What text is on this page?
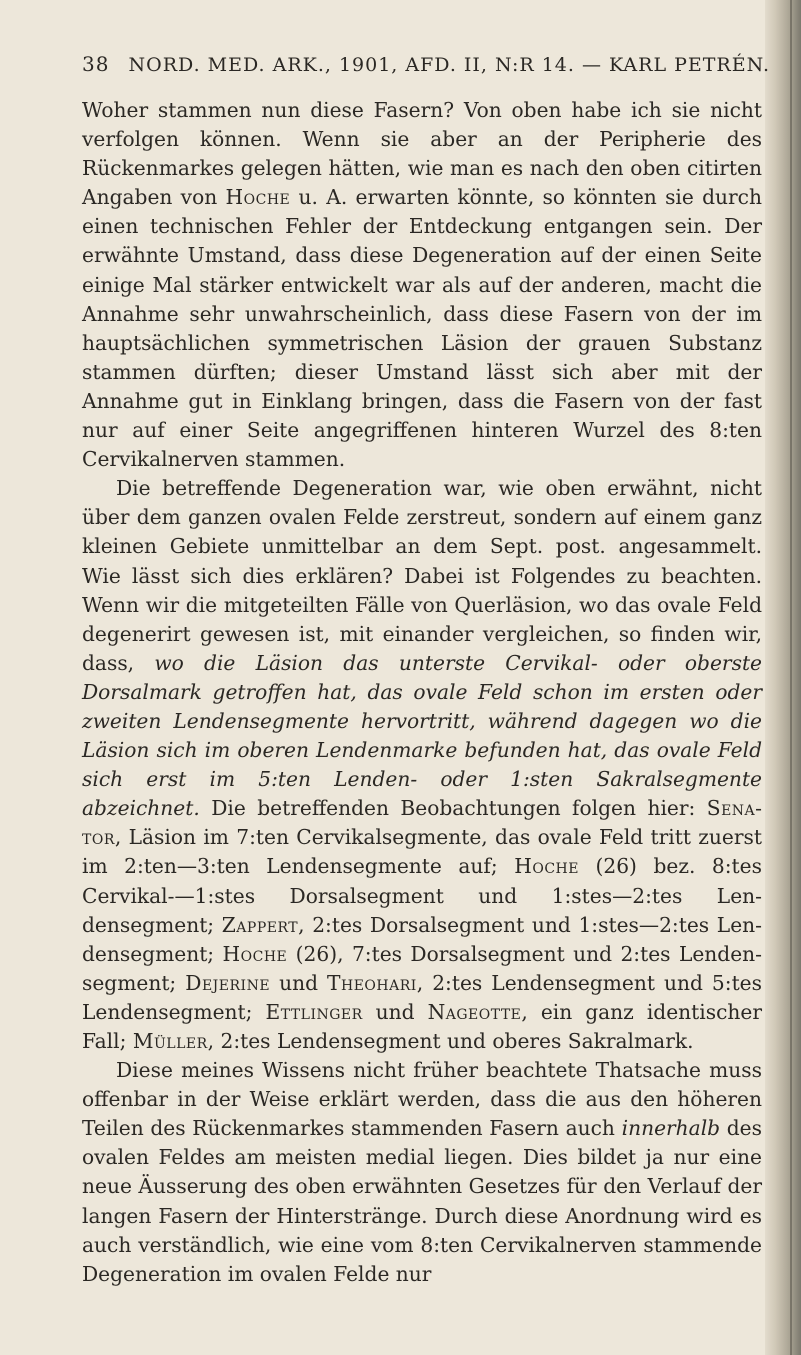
38 NORD. MED. ARK., 1901, AFD. II, N:R 14. — KARL PETRÉN.

Woher stammen nun diese Fasern? Von oben habe ich sie nicht verfolgen können. Wenn sie aber an der Peripherie des Rückenmarkes gelegen hätten, wie man es nach den oben citirten Angaben von Hoche u. A. erwarten könnte, so könnten sie durch einen technischen Fehler der Entdeckung entgangen sein. Der erwähnte Umstand, dass diese Degeneration auf der einen Seite einige Mal stärker entwickelt war als auf der anderen, macht die Annahme sehr unwahrscheinlich, dass diese Fasern von der im hauptsächlichen symmetrischen Läsion der grauen Substanz stammen dürften; dieser Umstand lässt sich aber mit der Annahme gut in Einklang bringen, dass die Fasern von der fast nur auf einer Seite angegriffenen hinteren Wurzel des 8:ten Cervikalnerven stammen.

Die betreffende Degeneration war, wie oben erwähnt, nicht über dem ganzen ovalen Felde zerstreut, sondern auf einem ganz kleinen Gebiete unmittelbar an dem Sept. post. angesammelt. Wie lässt sich dies erklären? Dabei ist Folgendes zu beachten. Wenn wir die mitgeteilten Fälle von Querläsion, wo das ovale Feld degenerirt gewesen ist, mit einander vergleichen, so finden wir, dass, wo die Läsion das unterste Cervikal- oder oberste Dorsalmark getroffen hat, das ovale Feld schon im ersten oder zweiten Lendensegmente hervortritt, während dagegen wo die Läsion sich im oberen Lendenmarke befunden hat, das ovale Feld sich erst im 5:ten Lenden- oder 1:sten Sakralsegmente abzeichnet. Die betreffenden Beobachtungen folgen hier: Senator, Läsion im 7:ten Cervikalsegmente, das ovale Feld tritt zuerst im 2:ten—3:ten Lendensegmente auf; Hoche (26) bez. 8:tes Cervikal-—1:stes Dorsalsegment und 1:stes—2:tes Lendensegment; Zappert, 2:tes Dorsalsegment und 1:stes—2:tes Lendensegment; Hoche (26), 7:tes Dorsalsegment und 2:tes Lendensegment; Dejerine und Theohari, 2:tes Lendensegment und 5:tes Lendensegment; Ettlinger und Nageotte, ein ganz identischer Fall; Müller, 2:tes Lendensegment und oberes Sakralmark.

Diese meines Wissens nicht früher beachtete Thatsache muss offenbar in der Weise erklärt werden, dass die aus den höheren Teilen des Rückenmarkes stammenden Fasern auch innerhalb des ovalen Feldes am meisten medial liegen. Dies bildet ja nur eine neue Äusserung des oben erwähnten Gesetzes für den Verlauf der langen Fasern der Hinterstränge. Durch diese Anordnung wird es auch verständlich, wie eine vom 8:ten Cervikalnerven stammende Degeneration im ovalen Felde nur
